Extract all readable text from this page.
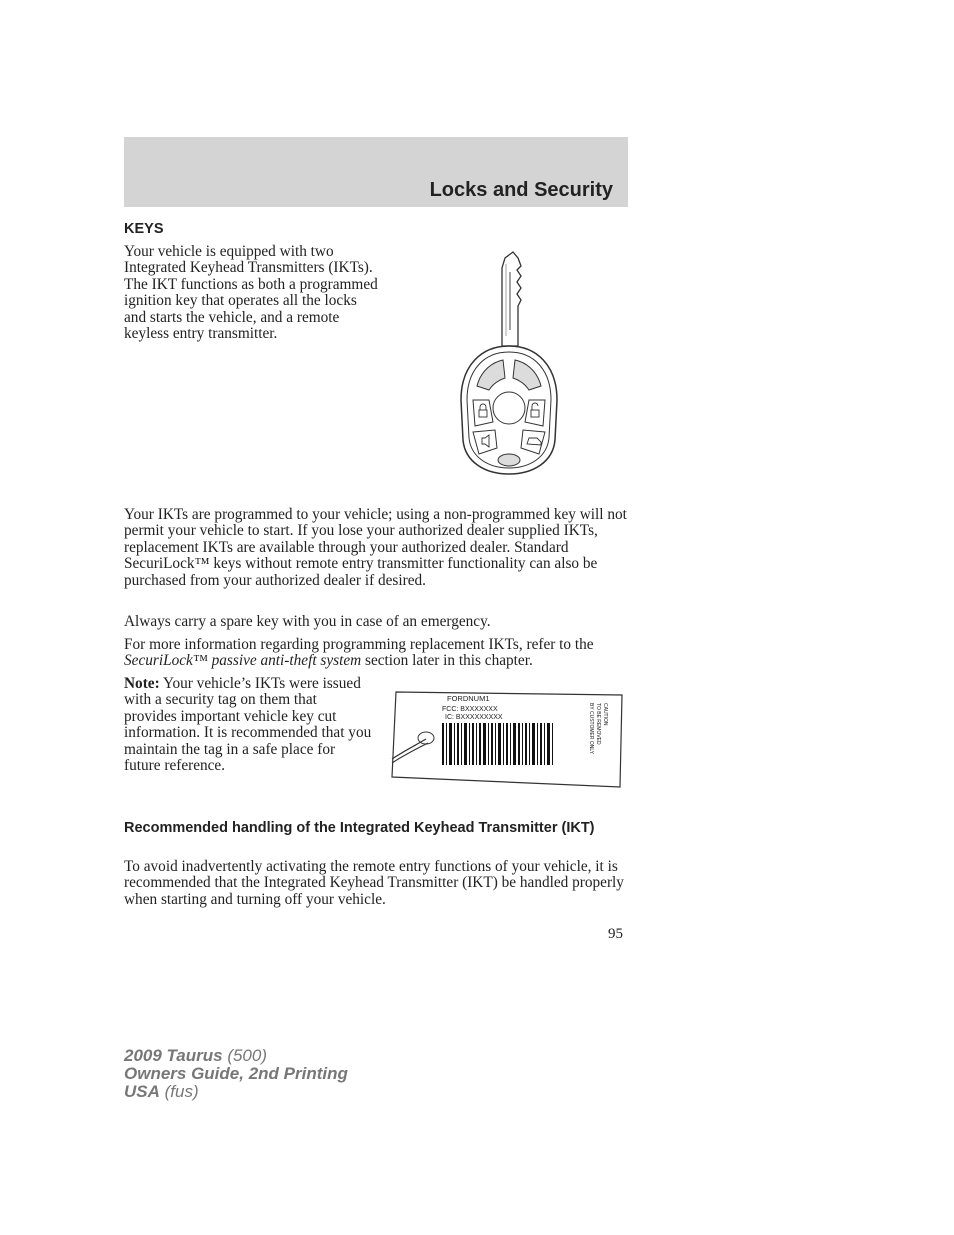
Locks and Security
KEYS

Your vehicle is equipped with two Integrated Keyhead Transmitters (IKTs). The IKT functions as both a programmed ignition key that operates all the locks and starts the vehicle, and a remote keyless entry transmitter.

Your IKTs are programmed to your vehicle; using a non-programmed key will not permit your vehicle to start. If you lose your authorized dealer supplied IKTs, replacement IKTs are available through your authorized dealer. Standard SecuriLock™ keys without remote entry transmitter functionality can also be purchased from your authorized dealer if desired.

Always carry a spare key with you in case of an emergency.

For more information regarding programming replacement IKTs, refer to the SecuriLock™ passive anti-theft system section later in this chapter.

Note: Your vehicle’s IKTs were issued with a security tag on them that provides important vehicle key cut information. It is recommended that you maintain the tag in a safe place for future reference.

FORDNUM1
FCC: BXXXXXXX
IC: BXXXXXXXXX	CAUTION
TO BE REMOVED
BY CUSTOMER ONLY
Recommended handling of the Integrated Keyhead Transmitter (IKT)

To avoid inadvertently activating the remote entry functions of your vehicle, it is recommended that the Integrated Keyhead Transmitter (IKT) be handled properly when starting and turning off your vehicle.

95
2009 Taurus (500)
Owners Guide, 2nd Printing
USA (fus)
